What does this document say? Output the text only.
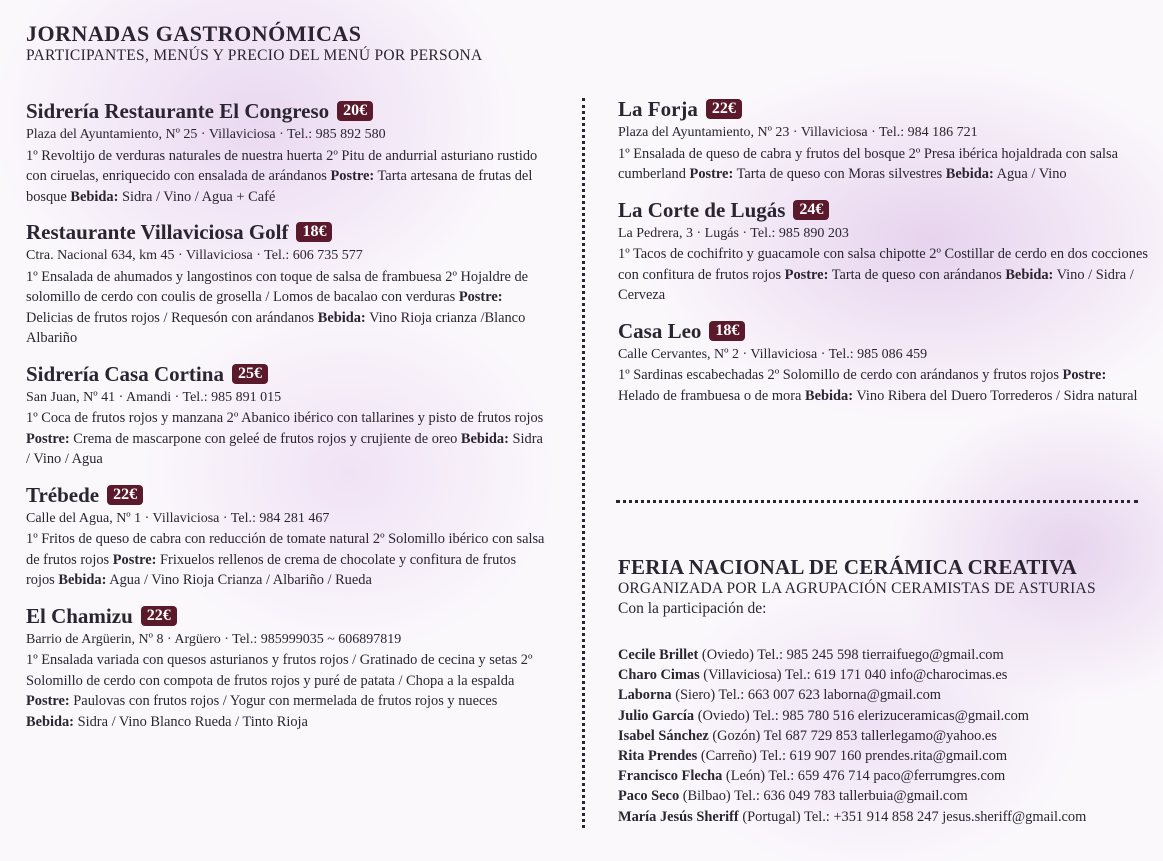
JORNADAS GASTRONÓMICAS
PARTICIPANTES, MENÚS Y PRECIO DEL MENÚ POR PERSONA
Sidrería Restaurante El Congreso 20€
Plaza del Ayuntamiento, Nº 25 · Villaviciosa · Tel.: 985 892 580
1º Revoltijo de verduras naturales de nuestra huerta 2º Pitu de andurrial asturiano rustido con ciruelas, enriquecido con ensalada de arándanos Postre: Tarta artesana de frutas del bosque Bebida: Sidra / Vino / Agua + Café
Restaurante Villaviciosa Golf 18€
Ctra. Nacional 634, km 45 · Villaviciosa · Tel.: 606 735 577
1º Ensalada de ahumados y langostinos con toque de salsa de frambuesa 2º Hojaldre de solomillo de cerdo con coulis de grosella / Lomos de bacalao con verduras Postre: Delicias de frutos rojos / Requesón con arándanos Bebida: Vino Rioja crianza /Blanco Albariño
Sidrería Casa Cortina 25€
San Juan, Nº 41 · Amandi · Tel.: 985 891 015
1º Coca de frutos rojos y manzana 2º Abanico ibérico con tallarines y pisto de frutos rojos Postre: Crema de mascarpone con geleé de frutos rojos y crujiente de oreo Bebida: Sidra / Vino / Agua
Trébede 22€
Calle del Agua, Nº 1 · Villaviciosa · Tel.: 984 281 467
1º Fritos de queso de cabra con reducción de tomate natural 2º Solomillo ibérico con salsa de frutos rojos Postre: Frixuelos rellenos de crema de chocolate y confitura de frutos rojos Bebida: Agua / Vino Rioja Crianza / Albariño / Rueda
El Chamizu 22€
Barrio de Argüerin, Nº 8 · Argüero · Tel.: 985999035 ~ 606897819
1º Ensalada variada con quesos asturianos y frutos rojos / Gratinado de cecina y setas 2º Solomillo de cerdo con compota de frutos rojos y puré de patata / Chopa a la espalda Postre: Paulovas con frutos rojos / Yogur con mermelada de frutos rojos y nueces Bebida: Sidra / Vino Blanco Rueda / Tinto Rioja
La Forja 22€
Plaza del Ayuntamiento, Nº 23 · Villaviciosa · Tel.: 984 186 721
1º Ensalada de queso de cabra y frutos del bosque 2º Presa ibérica hojaldrada con salsa cumberland Postre: Tarta de queso con Moras silvestres Bebida: Agua / Vino
La Corte de Lugás 24€
La Pedrera, 3 · Lugás · Tel.: 985 890 203
1º Tacos de cochifrito y guacamole con salsa chipotte 2º Costillar de cerdo en dos cocciones con confitura de frutos rojos Postre: Tarta de queso con arándanos Bebida: Vino / Sidra / Cerveza
Casa Leo 18€
Calle Cervantes, Nº 2 · Villaviciosa · Tel.: 985 086 459
1º Sardinas escabechadas 2º Solomillo de cerdo con arándanos y frutos rojos Postre: Helado de frambuesa o de mora Bebida: Vino Ribera del Duero Torrederos / Sidra natural
FERIA NACIONAL DE CERÁMICA CREATIVA
ORGANIZADA POR LA AGRUPACIÓN CERAMISTAS DE ASTURIAS
Con la participación de:
Cecile Brillet (Oviedo) Tel.: 985 245 598 tierraifuego@gmail.com
Charo Cimas (Villaviciosa) Tel.: 619 171 040 info@charocimas.es
Laborna (Siero) Tel.: 663 007 623 laborna@gmail.com
Julio García (Oviedo) Tel.: 985 780 516 elerizuceramicas@gmail.com
Isabel Sánchez (Gozón) Tel 687 729 853 tallerlegamo@yahoo.es
Rita Prendes (Carreño) Tel.: 619 907 160 prendes.rita@gmail.com
Francisco Flecha (León) Tel.: 659 476 714 paco@ferrumgres.com
Paco Seco (Bilbao) Tel.: 636 049 783 tallerbuia@gmail.com
María Jesús Sheriff (Portugal) Tel.: +351 914 858 247 jesus.sheriff@gmail.com
